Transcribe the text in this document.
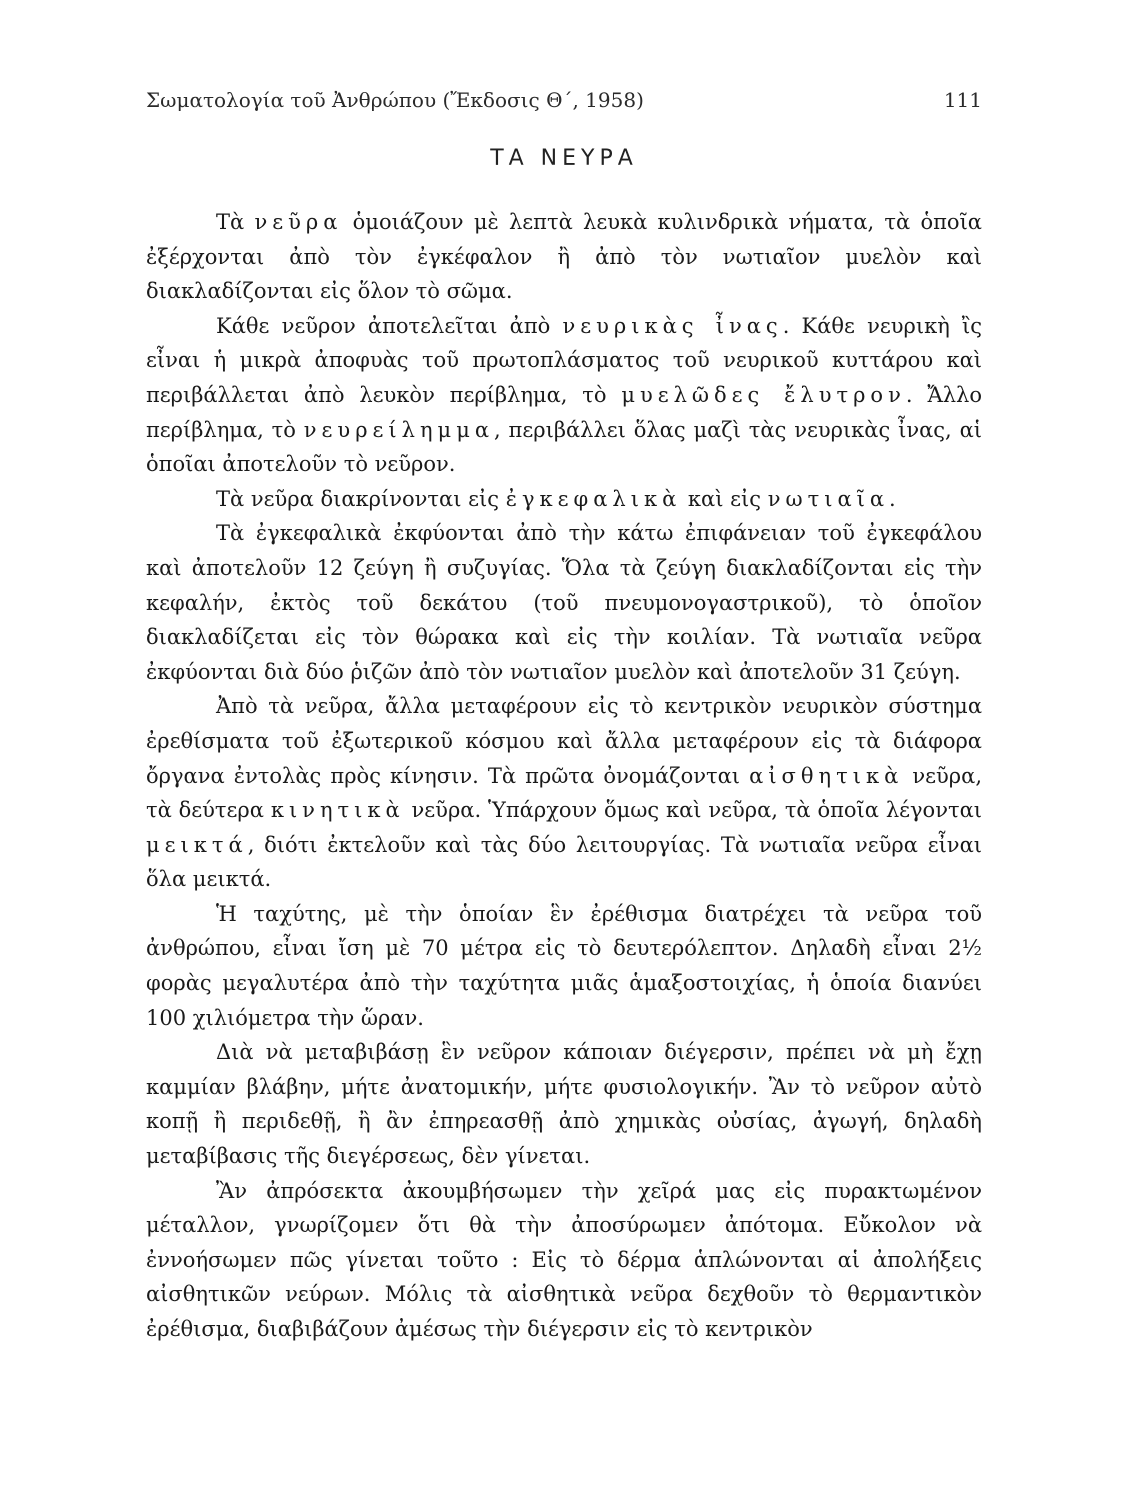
Σωματολογία τοῦ Ἀνθρώπου (Ἔκδοσις Θ΄, 1958)	111
ΤΑ ΝΕΥΡΑ

Τὰ νεῦρα ὁμοιάζουν μὲ λεπτὰ λευκὰ κυλινδρικὰ νήματα, τὰ ὁποῖα ἐξέρχονται ἀπὸ τὸν ἐγκέφαλον ἢ ἀπὸ τὸν νωτιαῖον μυελὸν καὶ διακλαδίζονται εἰς ὅλον τὸ σῶμα.

Κάθε νεῦρον ἀποτελεῖται ἀπὸ νευρικὰς ἶνας. Κάθε νευρικὴ ἲς εἶναι ἡ μικρὰ ἀποφυὰς τοῦ πρωτοπλάσματος τοῦ νευρικοῦ κυττάρου καὶ περιβάλλεται ἀπὸ λευκὸν περίβλημα, τὸ μυελῶδες ἔλυτρον. Ἄλλο περίβλημα, τὸ νευρείλημμα, περιβάλλει ὅλας μαζὶ τὰς νευρικὰς ἶνας, αἱ ὁποῖαι ἀποτελοῦν τὸ νεῦρον.

Τὰ νεῦρα διακρίνονται εἰς ἐγκεφαλικὰ καὶ εἰς νωτιαῖα.

Τὰ ἐγκεφαλικὰ ἐκφύονται ἀπὸ τὴν κάτω ἐπιφάνειαν τοῦ ἐγκεφάλου καὶ ἀποτελοῦν 12 ζεύγη ἢ συζυγίας. Ὅλα τὰ ζεύγη διακλαδίζονται εἰς τὴν κεφαλήν, ἐκτὸς τοῦ δεκάτου (τοῦ πνευμονογαστρικοῦ), τὸ ὁποῖον διακλαδίζεται εἰς τὸν θώρακα καὶ εἰς τὴν κοιλίαν. Τὰ νωτιαῖα νεῦρα ἐκφύονται διὰ δύο ῥιζῶν ἀπὸ τὸν νωτιαῖον μυελὸν καὶ ἀποτελοῦν 31 ζεύγη.

Ἀπὸ τὰ νεῦρα, ἄλλα μεταφέρουν εἰς τὸ κεντρικὸν νευρικὸν σύστημα ἐρεθίσματα τοῦ ἐξωτερικοῦ κόσμου καὶ ἄλλα μεταφέρουν εἰς τὰ διάφορα ὄργανα ἐντολὰς πρὸς κίνησιν. Τὰ πρῶτα ὀνομάζονται αἰσθητικὰ νεῦρα, τὰ δεύτερα κινητικὰ νεῦρα. Ὑπάρχουν ὅμως καὶ νεῦρα, τὰ ὁποῖα λέγονται μεικτά, διότι ἐκτελοῦν καὶ τὰς δύο λειτουργίας. Τὰ νωτιαῖα νεῦρα εἶναι ὅλα μεικτά.

Ἡ ταχύτης, μὲ τὴν ὁποίαν ἓν ἐρέθισμα διατρέχει τὰ νεῦρα τοῦ ἀνθρώπου, εἶναι ἴση μὲ 70 μέτρα εἰς τὸ δευτερόλεπτον. Δηλαδὴ εἶναι 2½ φορὰς μεγαλυτέρα ἀπὸ τὴν ταχύτητα μιᾶς ἁμαξοστοιχίας, ἡ ὁποία διανύει 100 χιλιόμετρα τὴν ὥραν.

Διὰ νὰ μεταβιβάσῃ ἓν νεῦρον κάποιαν διέγερσιν, πρέπει νὰ μὴ ἔχῃ καμμίαν βλάβην, μήτε ἀνατομικήν, μήτε φυσιολογικήν. Ἂν τὸ νεῦρον αὐτὸ κοπῇ ἢ περιδεθῇ, ἢ ἂν ἐπηρεασθῇ ἀπὸ χημικὰς οὐσίας, ἀγωγή, δηλαδὴ μεταβίβασις τῆς διεγέρσεως, δὲν γίνεται.

Ἂν ἀπρόσεκτα ἀκουμβήσωμεν τὴν χεῖρά μας εἰς πυρακτωμένον μέταλλον, γνωρίζομεν ὅτι θὰ τὴν ἀποσύρωμεν ἀπότομα. Εὔκολον νὰ ἐννοήσωμεν πῶς γίνεται τοῦτο : Εἰς τὸ δέρμα ἁπλώνονται αἱ ἀπολήξεις αἰσθητικῶν νεύρων. Μόλις τὰ αἰσθητικὰ νεῦρα δεχθοῦν τὸ θερμαντικὸν ἐρέθισμα, διαβιβάζουν ἀμέσως τὴν διέγερσιν εἰς τὸ κεντρικὸν
